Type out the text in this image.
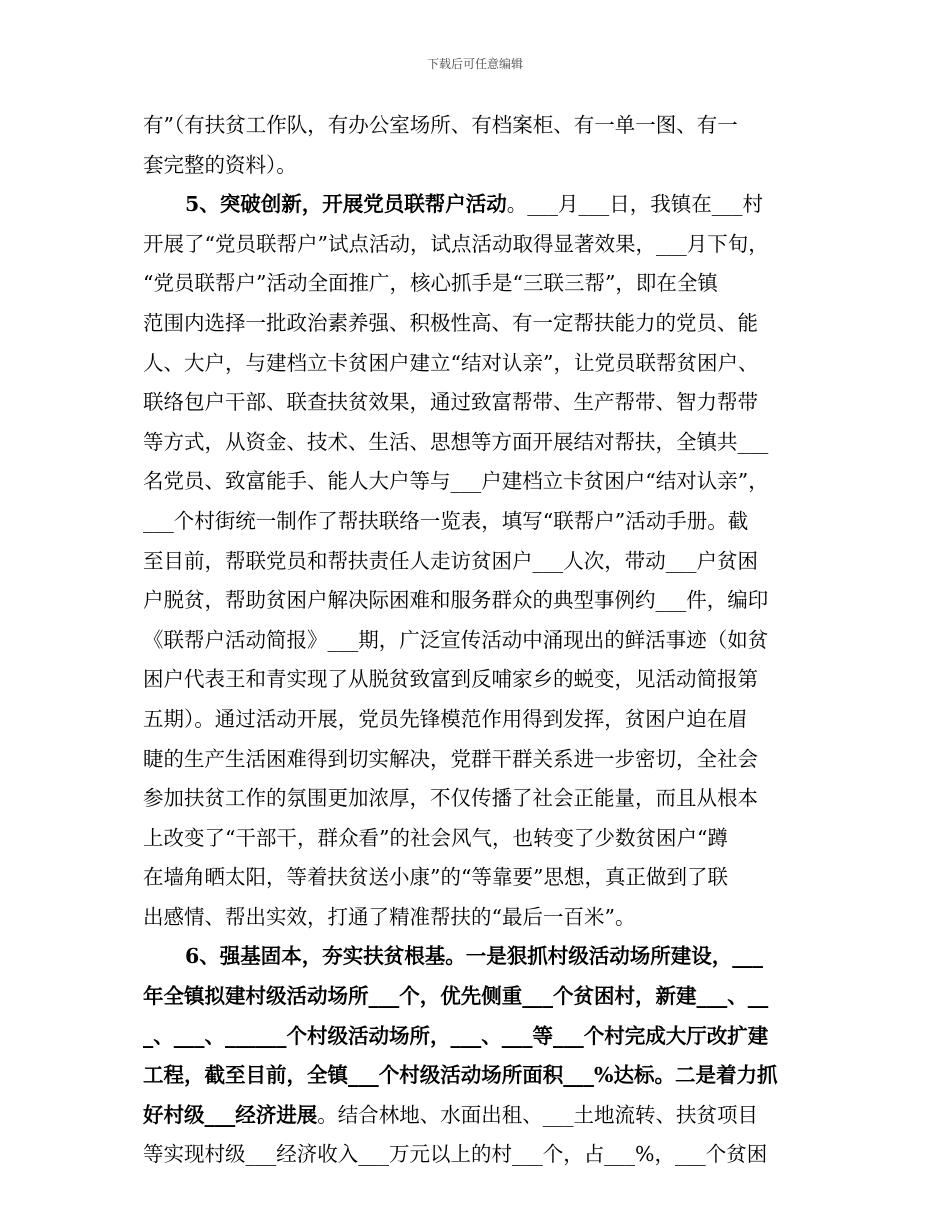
下载后可任意编辑
有”（有扶贫工作队，有办公室场所、有档案柜、有一单一图、有一
套完整的资料）。
5、突破创新，开展党员联帮户活动。___月___日，我镇在___村
开展了“党员联帮户”试点活动，试点活动取得显著效果，___月下旬，
“党员联帮户”活动全面推广，核心抓手是“三联三帮”，即在全镇
范围内选择一批政治素养强、积极性高、有一定帮扶能力的党员、能
人、大户，与建档立卡贫困户建立“结对认亲”，让党员联帮贫困户、
联络包户干部、联查扶贫效果，通过致富帮带、生产帮带、智力帮带
等方式，从资金、技术、生活、思想等方面开展结对帮扶，全镇共___
名党员、致富能手、能人大户等与___户建档立卡贫困户“结对认亲”，
___个村街统一制作了帮扶联络一览表，填写“联帮户”活动手册。截
至目前，帮联党员和帮扶责任人走访贫困户___人次，带动___户贫困
户脱贫，帮助贫困户解决际困难和服务群众的典型事例约___件，编印
《联帮户活动简报》___期，广泛宣传活动中涌现出的鲜活事迹（如贫
困户代表王和青实现了从脱贫致富到反哺家乡的蜕变，见活动简报第
五期）。通过活动开展，党员先锋模范作用得到发挥，贫困户迫在眉
睫的生产生活困难得到切实解决，党群干群关系进一步密切，全社会
参加扶贫工作的氛围更加浓厚，不仅传播了社会正能量，而且从根本
上改变了“干部干，群众看”的社会风气，也转变了少数贫困户“蹲
在墙角晒太阳，等着扶贫送小康”的“等靠要”思想，真正做到了联
出感情、帮出实效，打通了精准帮扶的“最后一百米”。
6、强基固本，夯实扶贫根基。一是狠抓村级活动场所建设，___
年全镇拟建村级活动场所___个，优先侧重___个贫困村，新建___、__
_、___、______个村级活动场所，___、___等___个村完成大厅改扩建
工程，截至目前，全镇___个村级活动场所面积___%达标。二是着力抓
好村级___经济进展。结合林地、水面出租、___土地流转、扶贫项目
等实现村级___经济收入___万元以上的村___个，占___%，___个贫困
